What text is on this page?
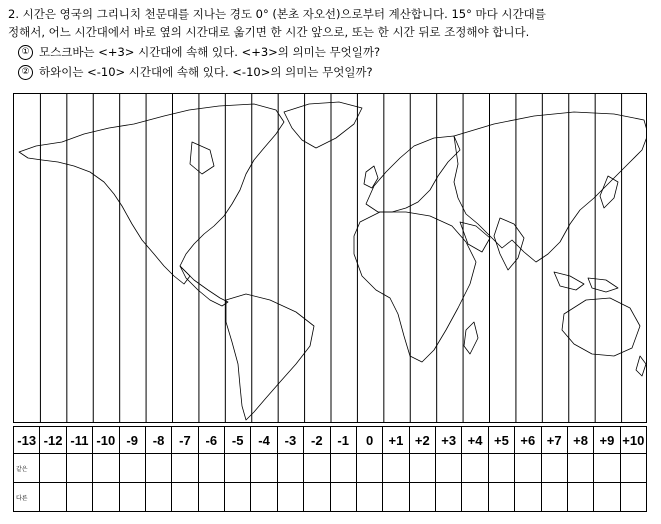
2. 시간은 영국의 그리니치 천문대를 지나는 경도 0° (본초 자오선)으로부터 계산합니다. 15° 마다 시간대를
정해서, 어느 시간대에서 바로 옆의 시간대로 옮기면 한 시간 앞으로, 또는 한 시간 뒤로 조정해야 합니다.
① 모스크바는 <+3> 시간대에 속해 있다. <+3>의 의미는 무엇일까?
② 하와이는 <-10> 시간대에 속해 있다. <-10>의 의미는 무엇일까?
-13	-12	-11	-10	-9	-8	-7	-6	-5	-4	-3	-2	-1	0	+1	+2	+3	+4	+5	+6	+7	+8	+9	+10
같은																							
다른																							
